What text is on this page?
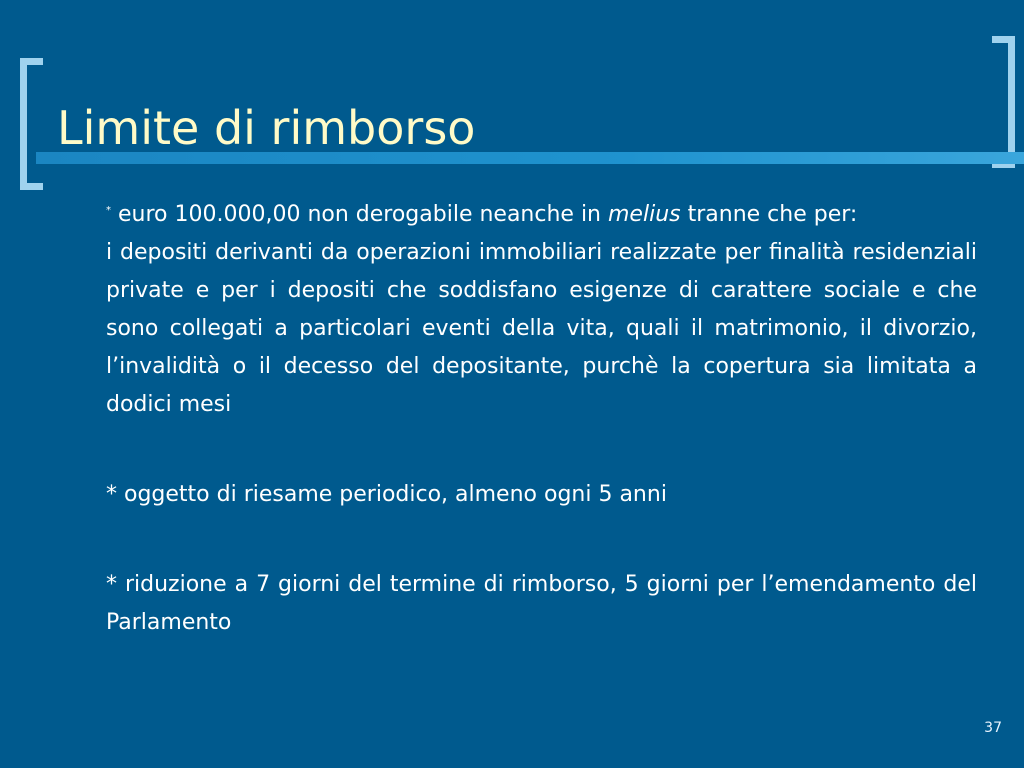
Limite di rimborso

* euro 100.000,00 non derogabile neanche in melius tranne che per:

i depositi derivanti da operazioni immobiliari realizzate per finalità residenziali private e per i depositi che soddisfano esigenze di carattere sociale e che sono collegati a particolari eventi della vita, quali il matrimonio, il divorzio, l’invalidità o il decesso del depositante, purchè la copertura sia limitata a dodici mesi

* oggetto di riesame periodico, almeno ogni 5 anni

* riduzione a 7 giorni del termine di rimborso, 5 giorni per l’emendamento del Parlamento

37
